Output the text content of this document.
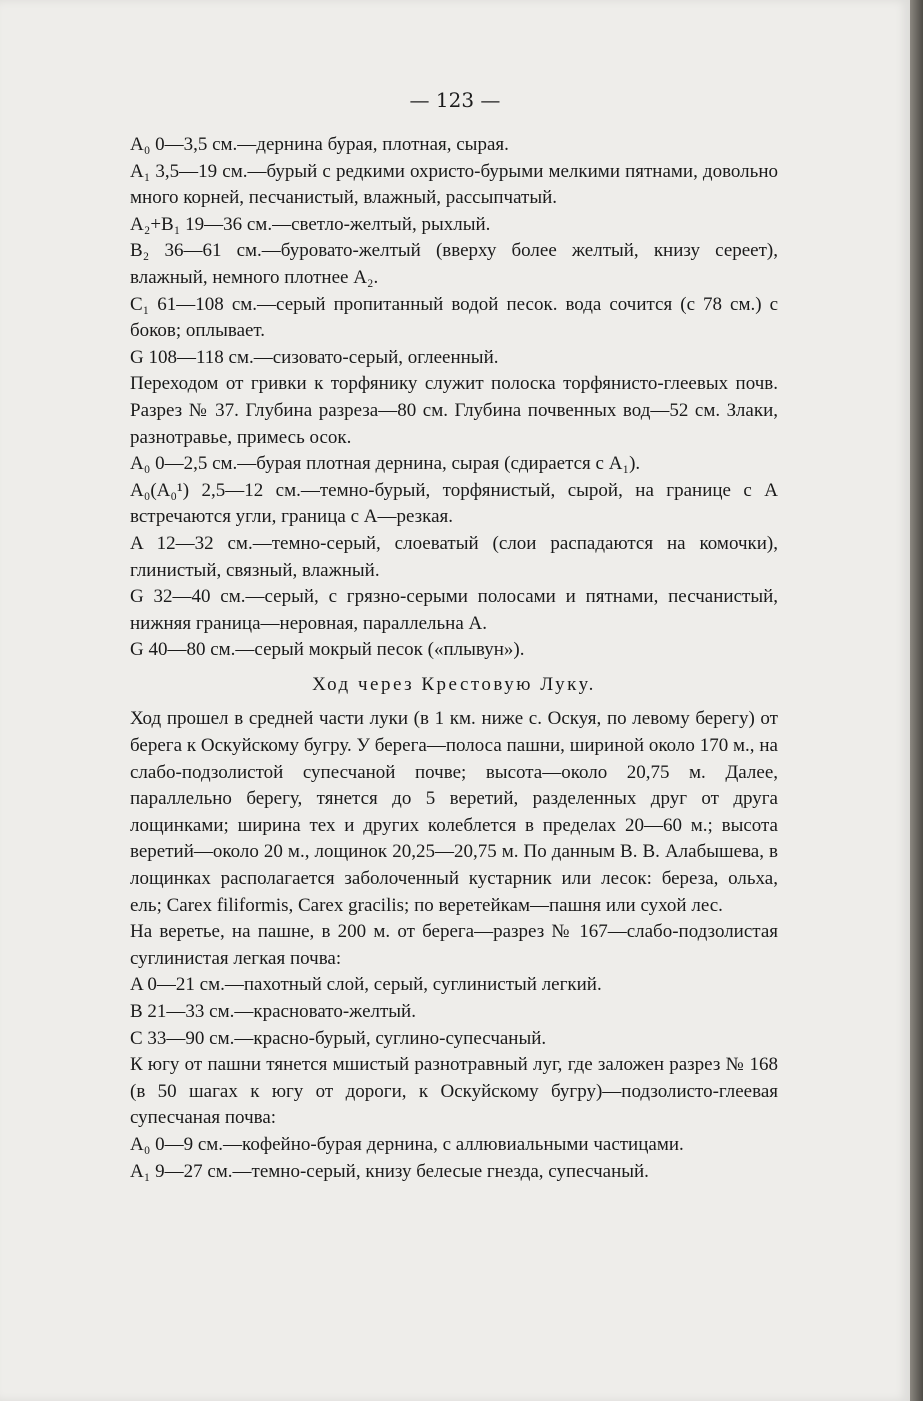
— 123 —

A₀ 0—3,5 см.—дернина бурая, плотная, сырая.

A₁ 3,5—19 см.—бурый с редкими охристо-бурыми мелкими пятнами, довольно много корней, песчанистый, влажный, рассыпчатый.

A₂+B₁ 19—36 см.—светло-желтый, рыхлый.

B₂ 36—61 см.—буровато-желтый (вверху более желтый, книзу сереет), влажный, немного плотнее A₂.

C₁ 61—108 см.—серый пропитанный водой песок. вода сочится (с 78 см.) с боков; оплывает.

G 108—118 см.—сизовато-серый, оглеенный.

Переходом от гривки к торфянику служит полоска торфянисто-глеевых почв. Разрез № 37. Глубина разреза—80 см. Глубина почвенных вод—52 см. Злаки, разнотравье, примесь осок.

A₀ 0—2,5 см.—бурая плотная дернина, сырая (сдирается с A₁).

A₀(A₀¹) 2,5—12 см.—темно-бурый, торфянистый, сырой, на границе с A встречаются угли, граница с A—резкая.

A 12—32 см.—темно-серый, слоеватый (слои распадаются на комочки), глинистый, связный, влажный.

G 32—40 см.—серый, с грязно-серыми полосами и пятнами, песчанистый, нижняя граница—неровная, параллельна A.

G 40—80 см.—серый мокрый песок («плывун»).

Ход через Крестовую Луку.

Ход прошел в средней части луки (в 1 км. ниже с. Оскуя, по левому берегу) от берега к Оскуйскому бугру. У берега—полоса пашни, шириной около 170 м., на слабо-подзолистой супесчаной почве; высота—около 20,75 м. Далее, параллельно берегу, тянется до 5 веретий, разделенных друг от друга лощинками; ширина тех и других колеблется в пределах 20—60 м.; высота веретий—около 20 м., лощинок 20,25—20,75 м. По данным В. В. Алабышева, в лощинках располагается заболоченный кустарник или лесок: береза, ольха, ель; Carex filiformis, Carex gracilis; по веретейкам—пашня или сухой лес.

На веретье, на пашне, в 200 м. от берега—разрез № 167—слабо-подзолистая суглинистая легкая почва:

A 0—21 см.—пахотный слой, серый, суглинистый легкий.

B 21—33 см.—красновато-желтый.

C 33—90 см.—красно-бурый, суглино-супесчаный.

К югу от пашни тянется мшистый разнотравный луг, где заложен разрез № 168 (в 50 шагах к югу от дороги, к Оскуйскому бугру)—подзолисто-глеевая супесчаная почва:

A₀ 0—9 см.—кофейно-бурая дернина, с аллювиальными частицами.

A₁ 9—27 см.—темно-серый, книзу белесые гнезда, супесчаный.
